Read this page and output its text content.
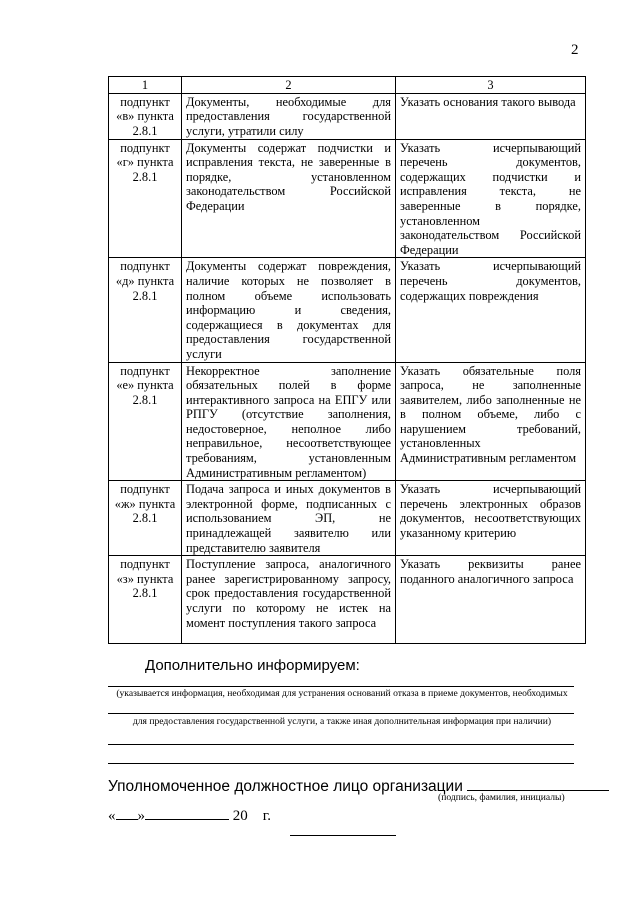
2
1	2	3
подпункт «в» пункта 2.8.1	Документы, необходимые для предоставления государственной услуги, утратили силу	Указать основания такого вывода
подпункт «г» пункта 2.8.1	Документы содержат подчистки и исправления текста, не заверенные в порядке, установленном законодательством Российской Федерации	Указать исчерпывающий перечень документов, содержащих подчистки и исправления текста, не заверенные в порядке, установленном законодательством Российской Федерации
подпункт «д» пункта 2.8.1	Документы содержат повреждения, наличие которых не позволяет в полном объеме использовать информацию и сведения, содержащиеся в документах для предоставления государственной услуги	Указать исчерпывающий перечень документов, содержащих повреждения
подпункт «е» пункта 2.8.1	Некорректное заполнение обязательных полей в форме интерактивного запроса на ЕПГУ или РПГУ (отсутствие заполнения, недостоверное, неполное либо неправильное, несоответствующее требованиям, установленным Административным регламентом)	Указать обязательные поля запроса, не заполненные заявителем, либо заполненные не в полном объеме, либо с нарушением требований, установленных Административным регламентом
подпункт «ж» пункта 2.8.1	Подача запроса и иных документов в электронной форме, подписанных с использованием ЭП, не принадлежащей заявителю или представителю заявителя	Указать исчерпывающий перечень электронных образов документов, несоответствующих указанному критерию
подпункт «з» пункта 2.8.1	Поступление запроса, аналогичного ранее зарегистрированному запросу, срок предоставления государственной услуги по которому не истек на момент поступления такого запроса	Указать реквизиты ранее поданного аналогичного запроса
Дополнительно информируем:
(указывается информация, необходимая для устранения оснований отказа в приеме документов, необходимых
для предоставления государственной услуги, а также иная дополнительная информация при наличии)
Уполномоченное должностное лицо организации
(подпись, фамилия, инициалы)
« »	20 г.
